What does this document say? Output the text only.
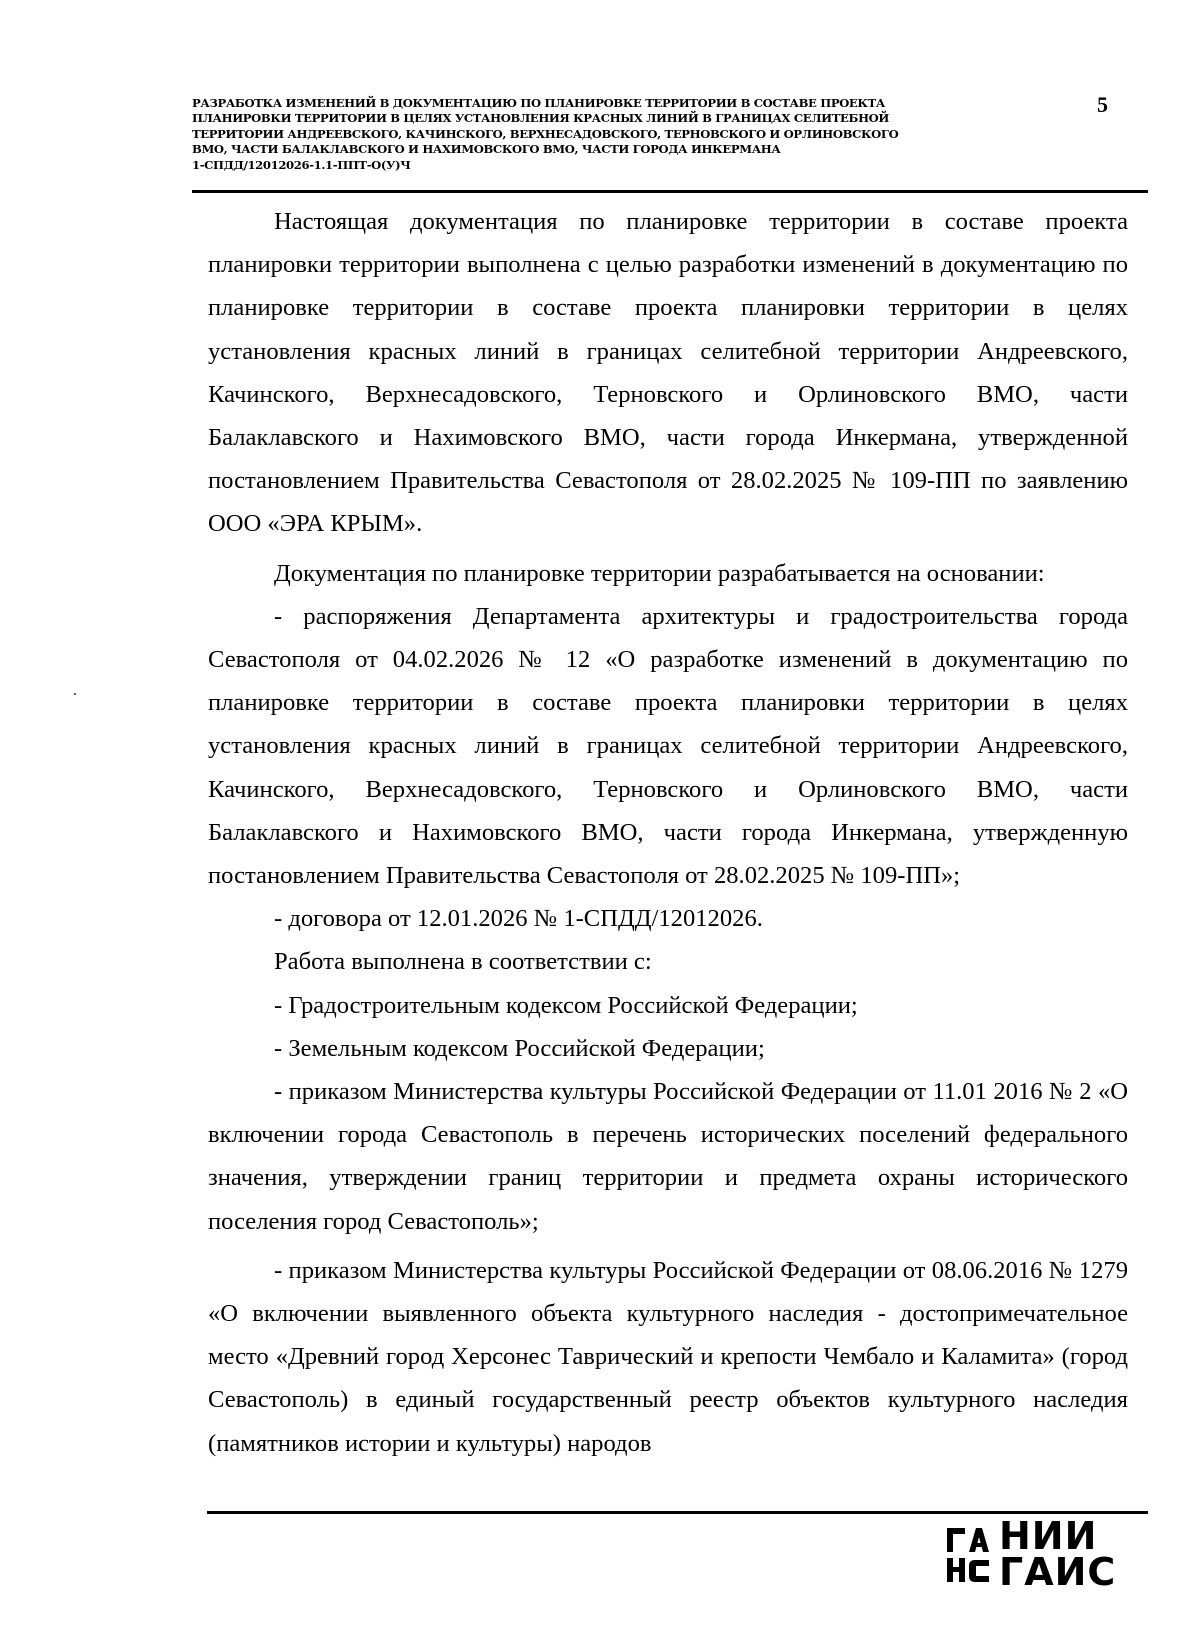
РАЗРАБОТКА ИЗМЕНЕНИЙ В ДОКУМЕНТАЦИЮ ПО ПЛАНИРОВКЕ ТЕРРИТОРИИ В СОСТАВЕ ПРОЕКТА
ПЛАНИРОВКИ ТЕРРИТОРИИ В ЦЕЛЯХ УСТАНОВЛЕНИЯ КРАСНЫХ ЛИНИЙ В ГРАНИЦАХ СЕЛИТЕБНОЙ
ТЕРРИТОРИИ АНДРЕЕВСКОГО, КАЧИНСКОГО, ВЕРХНЕСАДОВСКОГО, ТЕРНОВСКОГО И ОРЛИНОВСКОГО
ВМО, ЧАСТИ БАЛАКЛАВСКОГО И НАХИМОВСКОГО ВМО, ЧАСТИ ГОРОДА ИНКЕРМАНА
1-СПДД/12012026-1.1-ППТ-О(У)Ч
5

Настоящая документация по планировке территории в составе проекта планировки территории выполнена с целью разработки изменений в документацию по планировке территории в составе проекта планировки территории в целях установления красных линий в границах селитебной территории Андреевского, Качинского, Верхнесадовского, Терновского и Орлиновского ВМО, части Балаклавского и Нахимовского ВМО, части города Инкермана, утвержденной постановлением Правительства Севастополя от 28.02.2025 № 109-ПП по заявлению ООО «ЭРА КРЫМ».

Документация по планировке территории разрабатывается на основании:

- распоряжения Департамента архитектуры и градостроительства города Севастополя от 04.02.2026 № 12 «О разработке изменений в документацию по планировке территории в составе проекта планировки территории в целях установления красных линий в границах селитебной территории Андреевского, Качинского, Верхнесадовского, Терновского и Орлиновского ВМО, части Балаклавского и Нахимовского ВМО, части города Инкермана, утвержденную постановлением Правительства Севастополя от 28.02.2025 № 109-ПП»;

- договора от 12.01.2026 № 1-СПДД/12012026.

Работа выполнена в соответствии с:

- Градостроительным кодексом Российской Федерации;

- Земельным кодексом Российской Федерации;

- приказом Министерства культуры Российской Федерации от 11.01 2016 № 2 «О включении города Севастополь в перечень исторических поселений федерального значения, утверждении границ территории и предмета охраны исторического поселения город Севастополь»;

- приказом Министерства культуры Российской Федерации от 08.06.2016 № 1279 «О включении выявленного объекта культурного наследия - достопримечательное место «Древний город Херсонес Таврический и крепости Чембало и Каламита» (город Севастополь) в единый государственный реестр объектов культурного наследия (памятников истории и культуры) народов

НИИ
ГАИС
